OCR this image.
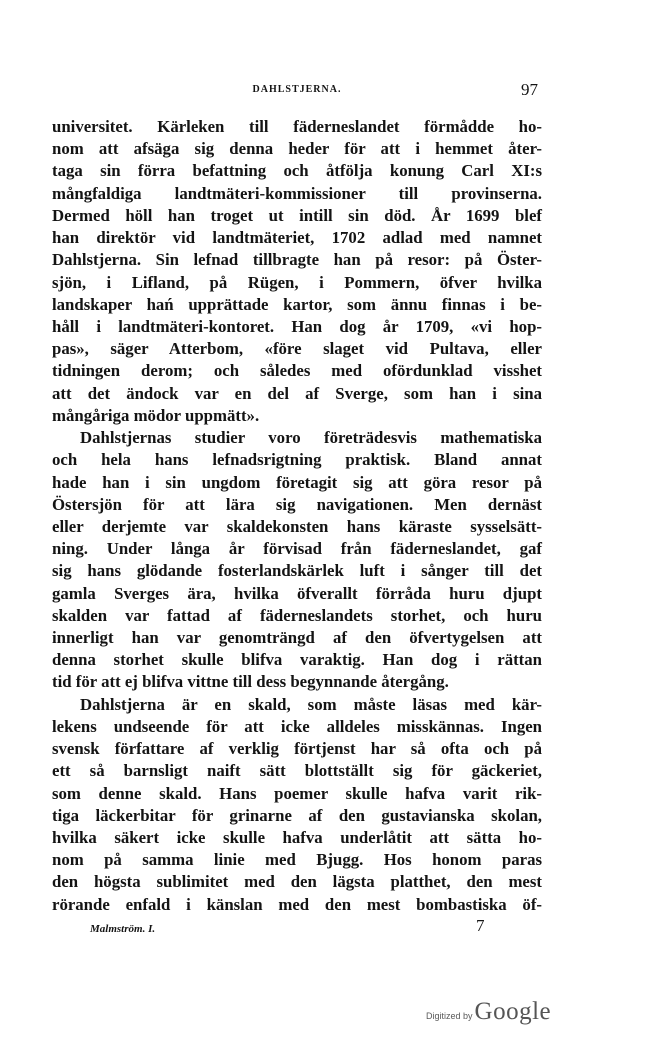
DAHLSTJERNA.	97
universitet. Kärleken till fäderneslandet förmådde ho-
nom att afsäga sig denna heder för att i hemmet åter-
taga sin förra befattning och åtfölja konung Carl XI:s
mångfaldiga landtmäteri-kommissioner till provinserna.
Dermed höll han troget ut intill sin död. År 1699 blef
han direktör vid landtmäteriet, 1702 adlad med namnet
Dahlstjerna. Sin lefnad tillbragte han på resor: på Öster-
sjön, i Lifland, på Rügen, i Pommern, öfver hvilka
landskaper hań upprättade kartor, som ännu finnas i be-
håll i landtmäteri-kontoret. Han dog år 1709, «vi hop-
pas», säger Atterbom, «före slaget vid Pultava, eller
tidningen derom; och således med ofördunklad visshet
att det ändock var en del af Sverge, som han i sina
mångåriga mödor uppmätt».
Dahlstjernas studier voro företrädesvis mathematiska
och hela hans lefnadsrigtning praktisk. Bland annat
hade han i sin ungdom företagit sig att göra resor på
Östersjön för att lära sig navigationen. Men dernäst
eller derjemte var skaldekonsten hans käraste sysselsätt-
ning. Under långa år förvisad från fäderneslandet, gaf
sig hans glödande fosterlandskärlek luft i sånger till det
gamla Sverges ära, hvilka öfverallt förråda huru djupt
skalden var fattad af fäderneslandets storhet, och huru
innerligt han var genomträngd af den öfvertygelsen att
denna storhet skulle blifva varaktig. Han dog i rättan
tid för att ej blifva vittne till dess begynnande återgång.
Dahlstjerna är en skald, som måste läsas med kär-
lekens undseende för att icke alldeles misskännas. Ingen
svensk författare af verklig förtjenst har så ofta och på
ett så barnsligt naift sätt blottställt sig för gäckeriet,
som denne skald. Hans poemer skulle hafva varit rik-
tiga läckerbitar för grinarne af den gustavianska skolan,
hvilka säkert icke skulle hafva underlåtit att sätta ho-
nom på samma linie med Bjugg. Hos honom paras
den högsta sublimitet med den lägsta platthet, den mest
rörande enfald i känslan med den mest bombastiska öf-
Malmström. I.	7
Digitized by Google
